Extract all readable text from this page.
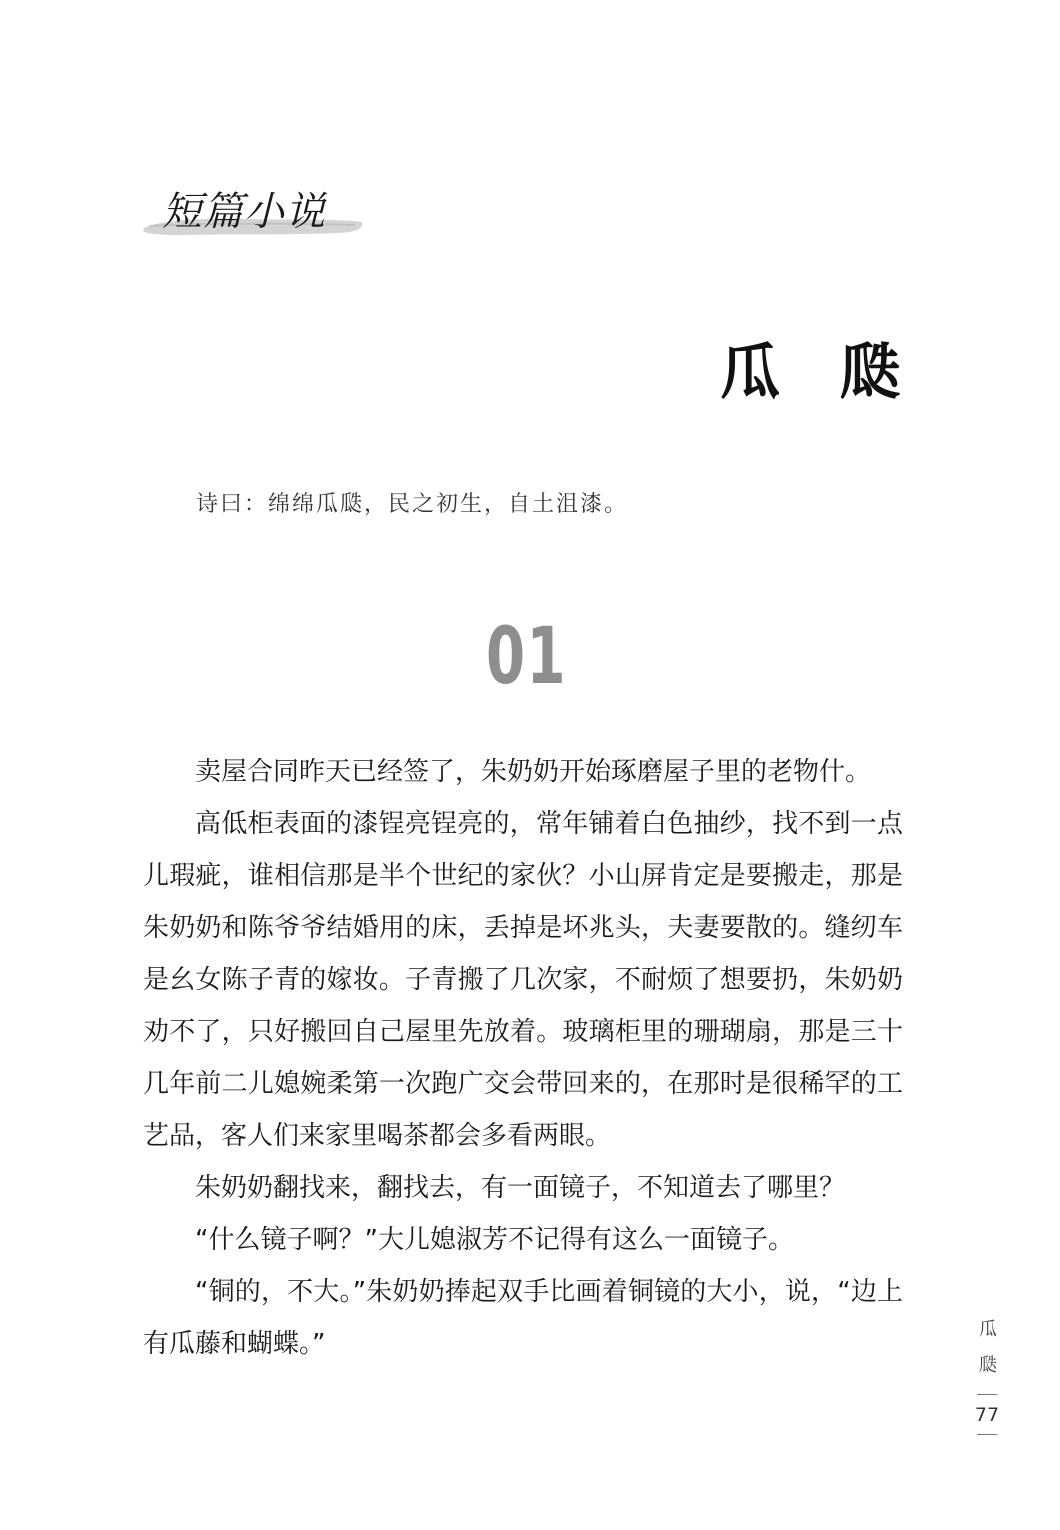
短篇小说
瓜瓞
诗曰：绵绵瓜瓞，民之初生，自土沮漆。
01

卖屋合同昨天已经签了，朱奶奶开始琢磨屋子里的老物什。

高低柜表面的漆锃亮锃亮的，常年铺着白色抽纱，找不到一点儿瑕疵，谁相信那是半个世纪的家伙？小山屏肯定是要搬走，那是朱奶奶和陈爷爷结婚用的床，丢掉是坏兆头，夫妻要散的。缝纫车是幺女陈子青的嫁妆。子青搬了几次家，不耐烦了想要扔，朱奶奶劝不了，只好搬回自己屋里先放着。玻璃柜里的珊瑚扇，那是三十几年前二儿媳婉柔第一次跑广交会带回来的，在那时是很稀罕的工艺品，客人们来家里喝茶都会多看两眼。

朱奶奶翻找来，翻找去，有一面镜子，不知道去了哪里？

“什么镜子啊？”大儿媳淑芳不记得有这么一面镜子。

“铜的，不大。”朱奶奶捧起双手比画着铜镜的大小，说，“边上有瓜藤和蝴蝶。”	瓜
瓞
77
